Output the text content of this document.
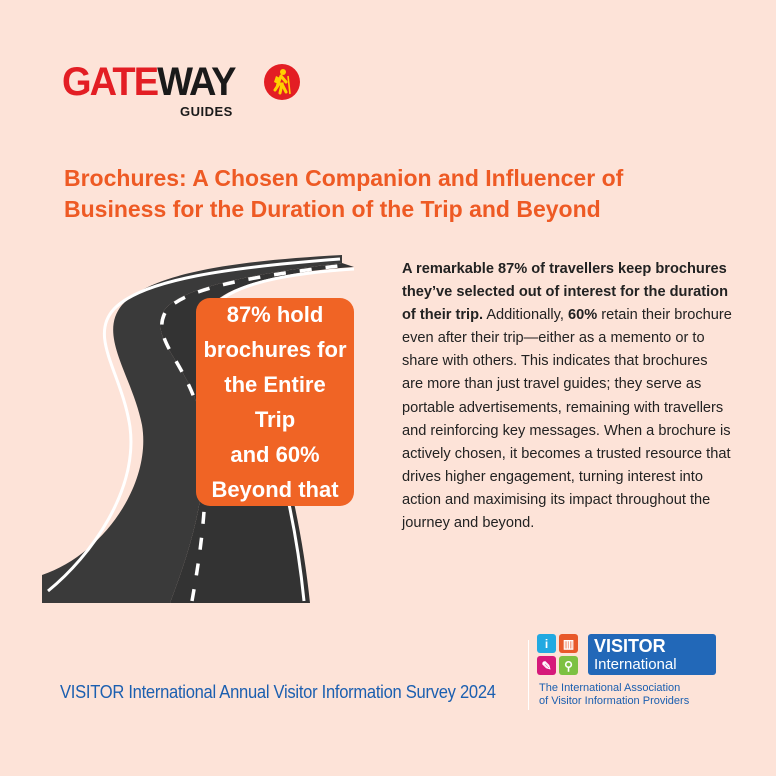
GATEWAY
GUIDES
Brochures: A Chosen Companion and Influencer of
Business for the Duration of the Trip and Beyond
87% hold
brochures for
the Entire Trip
and 60%
Beyond that
A remarkable 87% of travellers keep brochures they’ve selected out of interest for the duration of their trip. Additionally, 60% retain their brochure even after their trip—either as a memento or to share with others. This indicates that brochures are more than just travel guides; they serve as portable advertisements, remaining with travellers and reinforcing key messages. When a brochure is actively chosen, it becomes a trusted resource that drives higher engagement, turning interest into action and maximising its impact throughout the journey and beyond.
VISITOR International Annual Visitor Information Survey 2024
i	▥
✎	⚲
VISITOR
International
The International Association
of Visitor Information Providers
